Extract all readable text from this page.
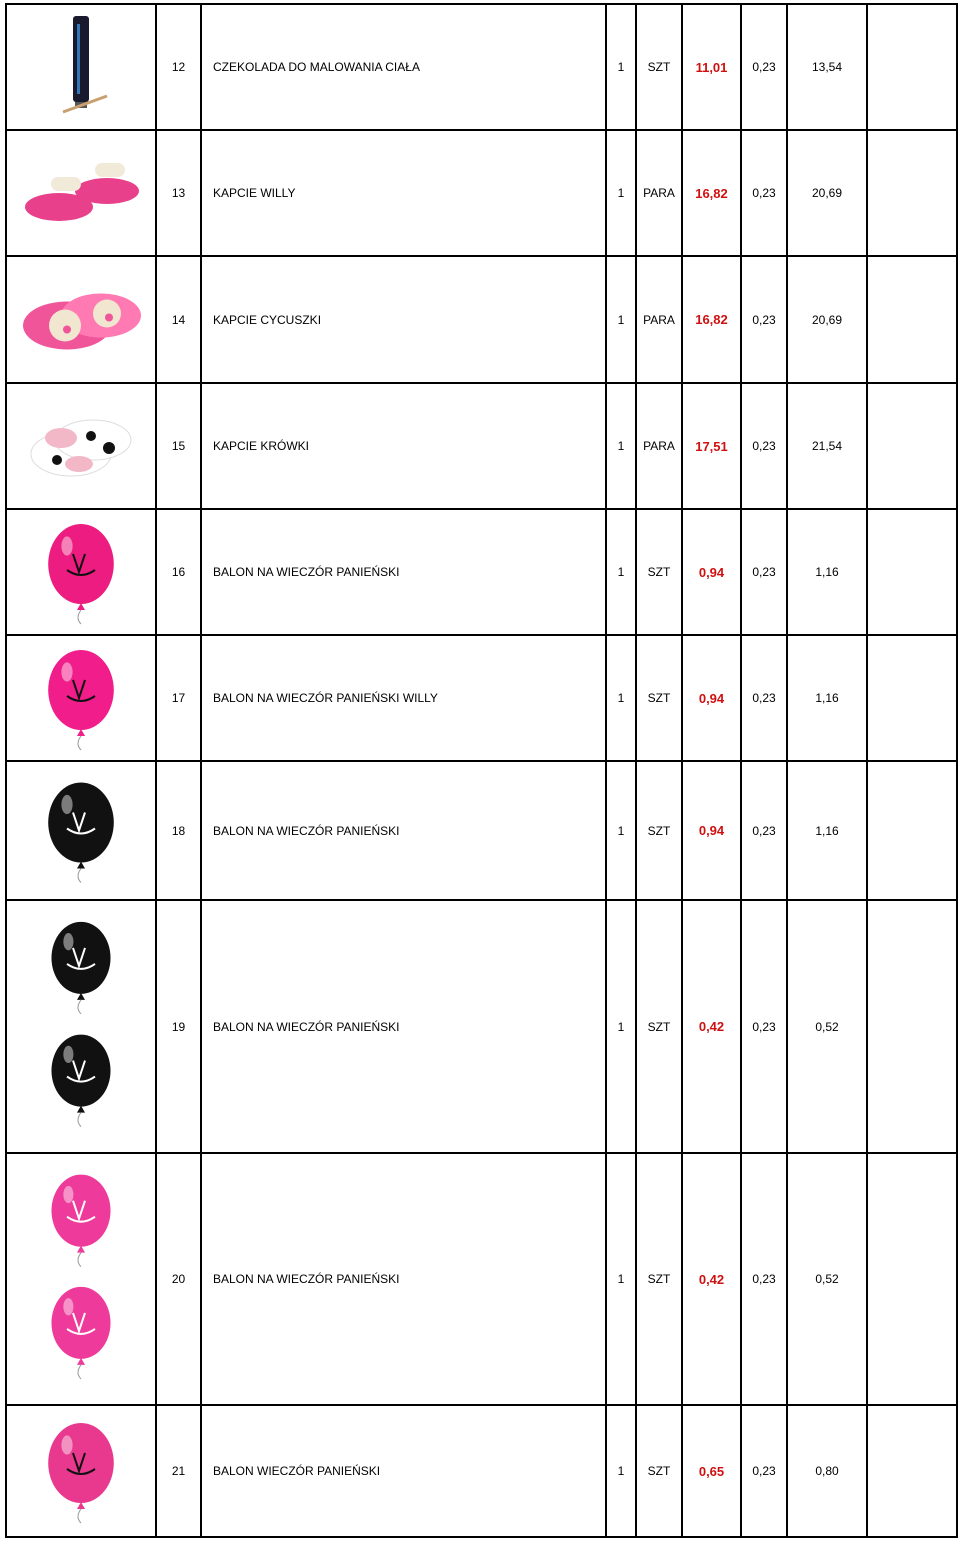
	12	CZEKOLADA DO MALOWANIA CIAŁA	1	SZT	11,01	0,23	13,54	

	13	KAPCIE WILLY	1	PARA	16,82	0,23	20,69	

	14	KAPCIE CYCUSZKI	1	PARA	16,82	0,23	20,69	

	15	KAPCIE KRÓWKI	1	PARA	17,51	0,23	21,54	

	16	BALON NA WIECZÓR PANIEŃSKI	1	SZT	0,94	0,23	1,16	

	17	BALON NA WIECZÓR PANIEŃSKI WILLY	1	SZT	0,94	0,23	1,16	

	18	BALON NA WIECZÓR PANIEŃSKI	1	SZT	0,94	0,23	1,16	

	19	BALON NA WIECZÓR PANIEŃSKI	1	SZT	0,42	0,23	0,52	

	20	BALON NA WIECZÓR PANIEŃSKI	1	SZT	0,42	0,23	0,52	

	21	BALON WIECZÓR PANIEŃSKI	1	SZT	0,65	0,23	0,80	
